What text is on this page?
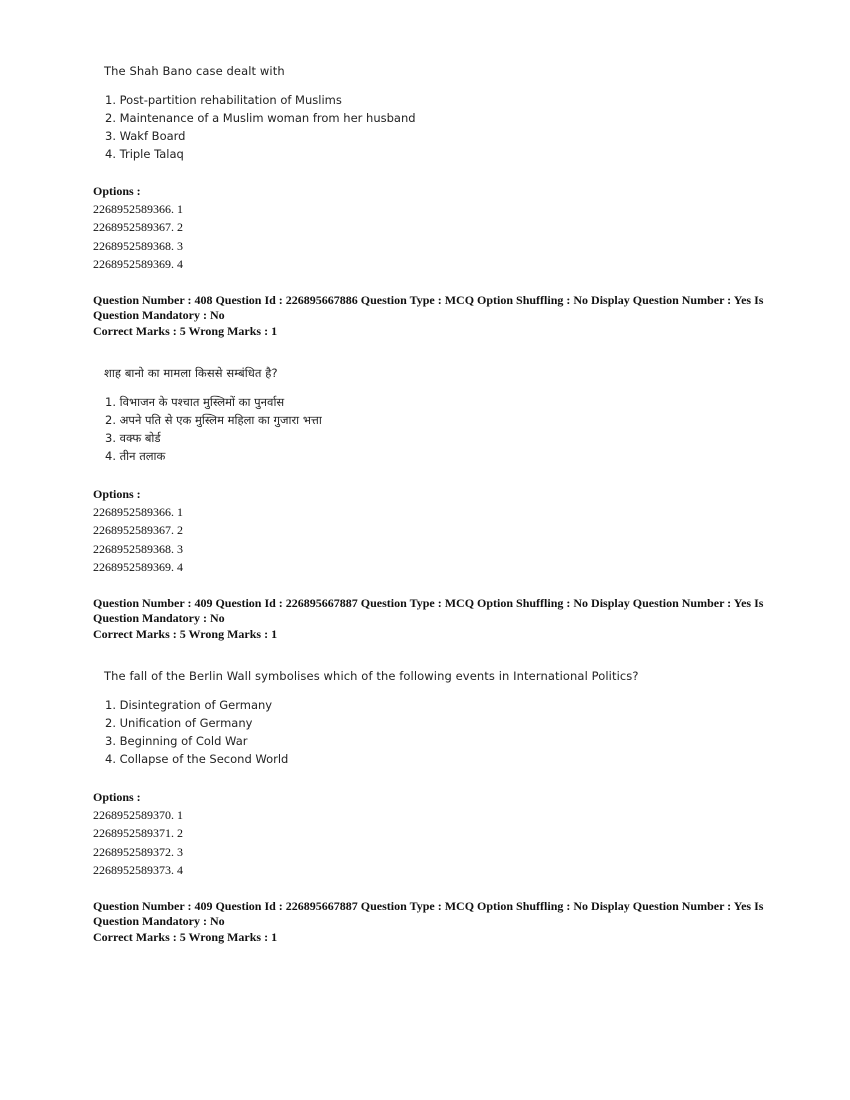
The Shah Bano case dealt with
1. Post-partition rehabilitation of Muslims
2. Maintenance of a Muslim woman from her husband
3. Wakf Board
4. Triple Talaq
Options :
2268952589366. 1
2268952589367. 2
2268952589368. 3
2268952589369. 4
Question Number : 408 Question Id : 226895667886 Question Type : MCQ Option Shuffling : No Display Question Number : Yes Is Question Mandatory : No
Correct Marks : 5 Wrong Marks : 1
शाह बानो का मामला किससे सम्बंधित है?
1. विभाजन के पश्चात मुस्लिमों का पुनर्वास
2. अपने पति से एक मुस्लिम महिला का गुजारा भत्ता
3. वक्फ बोर्ड
4. तीन तलाक
Options :
2268952589366. 1
2268952589367. 2
2268952589368. 3
2268952589369. 4
Question Number : 409 Question Id : 226895667887 Question Type : MCQ Option Shuffling : No Display Question Number : Yes Is Question Mandatory : No
Correct Marks : 5 Wrong Marks : 1
The fall of the Berlin Wall symbolises which of the following events in International Politics?
1. Disintegration of Germany
2. Unification of Germany
3. Beginning of Cold War
4. Collapse of the Second World
Options :
2268952589370. 1
2268952589371. 2
2268952589372. 3
2268952589373. 4
Question Number : 409 Question Id : 226895667887 Question Type : MCQ Option Shuffling : No Display Question Number : Yes Is Question Mandatory : No
Correct Marks : 5 Wrong Marks : 1
